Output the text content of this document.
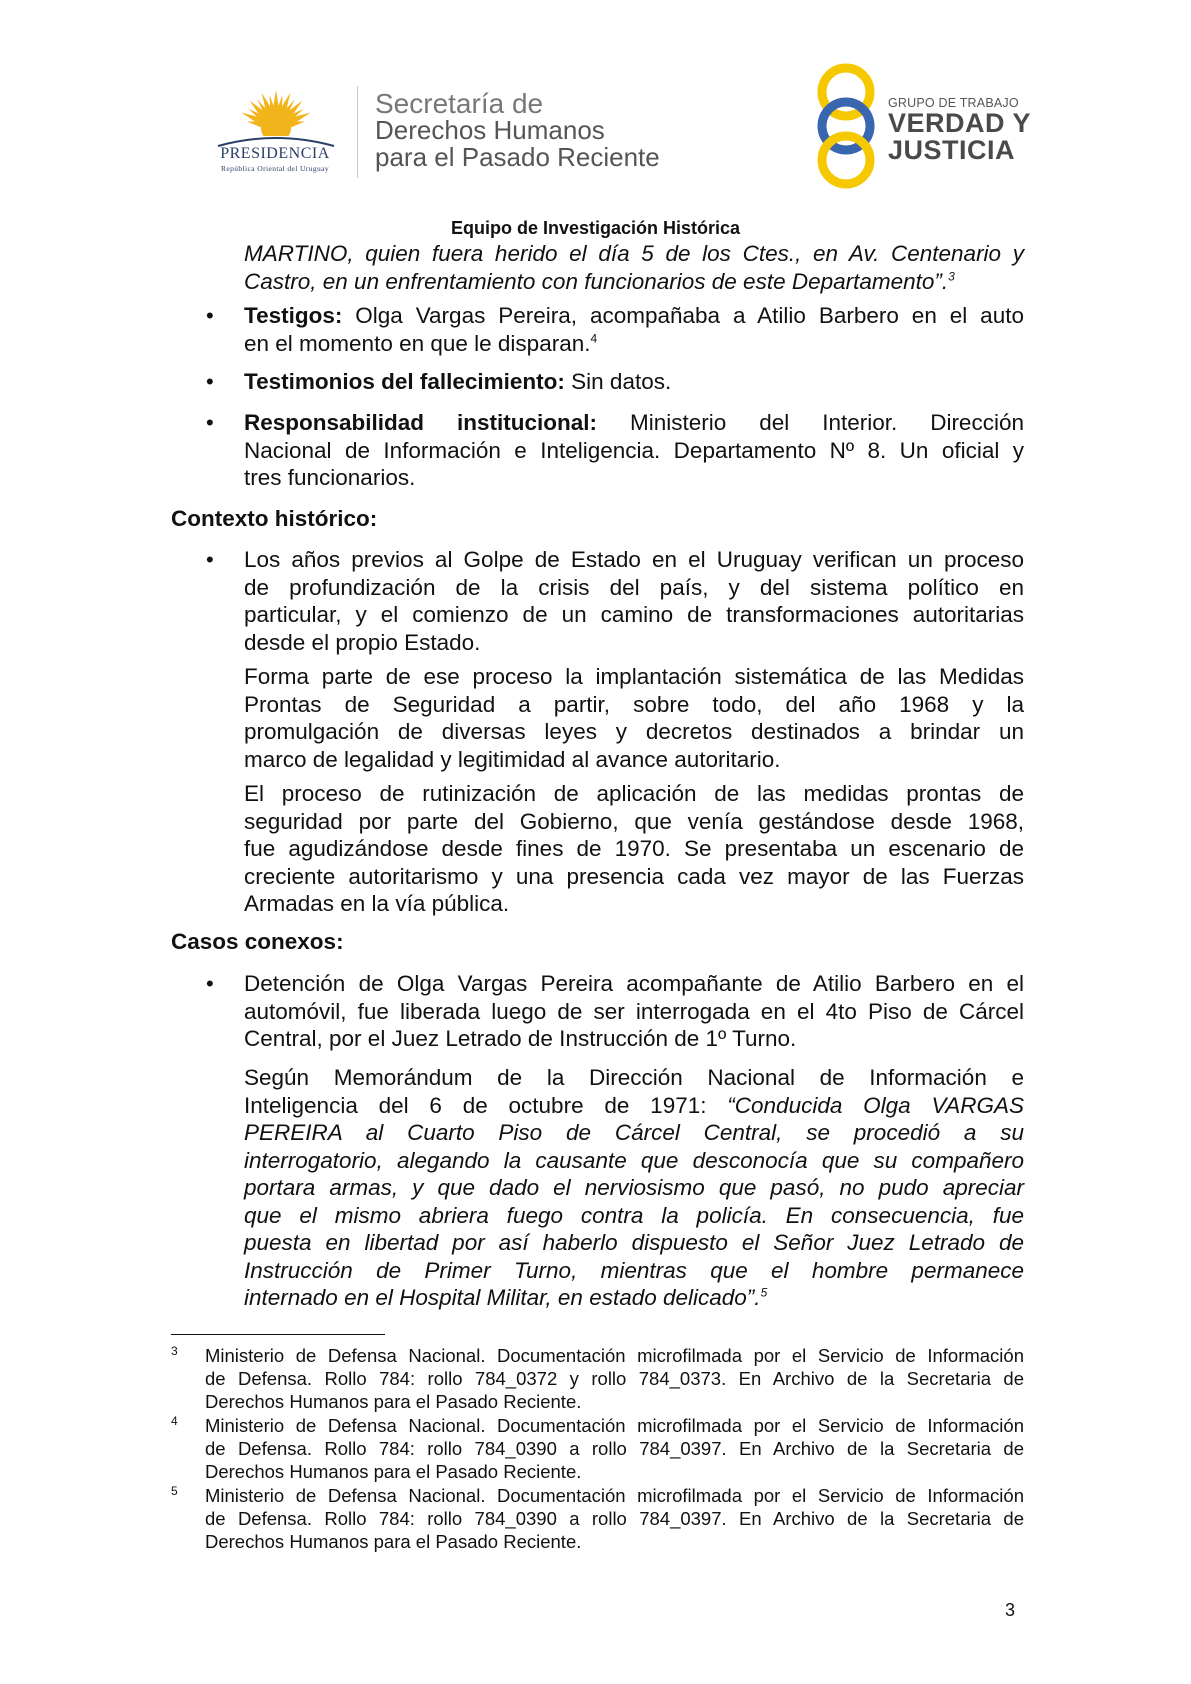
PRESIDENCIA
República Oriental del Uruguay
Secretaría de
Derechos Humanos
para el Pasado Reciente
GRUPO DE TRABAJO
VERDAD Y
JUSTICIA
Equipo de Investigación Histórica
MARTINO, quien fuera herido el día 5 de los Ctes., en Av. Centenario y
Castro, en un enfrentamiento con funcionarios de este Departamento”.$^3$
• Testigos: Olga Vargas Pereira, acompañaba a Atilio Barbero en el auto
en el momento en que le disparan.$^4$
• Testimonios del fallecimiento: Sin datos.
• Responsabilidad institucional: Ministerio del Interior. Dirección
Nacional de Información e Inteligencia. Departamento Nº 8. Un oficial y
tres funcionarios.
Contexto histórico:
• Los años previos al Golpe de Estado en el Uruguay verifican un proceso
de profundización de la crisis del país, y del sistema político en
particular, y el comienzo de un camino de transformaciones autoritarias
desde el propio Estado.
Forma parte de ese proceso la implantación sistemática de las Medidas
Prontas de Seguridad a partir, sobre todo, del año 1968 y la
promulgación de diversas leyes y decretos destinados a brindar un
marco de legalidad y legitimidad al avance autoritario.
El proceso de rutinización de aplicación de las medidas prontas de
seguridad por parte del Gobierno, que venía gestándose desde 1968,
fue agudizándose desde fines de 1970. Se presentaba un escenario de
creciente autoritarismo y una presencia cada vez mayor de las Fuerzas
Armadas en la vía pública.
Casos conexos:
• Detención de Olga Vargas Pereira acompañante de Atilio Barbero en el
automóvil, fue liberada luego de ser interrogada en el 4to Piso de Cárcel
Central, por el Juez Letrado de Instrucción de 1º Turno.
Según Memorándum de la Dirección Nacional de Información e
Inteligencia del 6 de octubre de 1971: “Conducida Olga VARGAS
PEREIRA al Cuarto Piso de Cárcel Central, se procedió a su
interrogatorio, alegando la causante que desconocía que su compañero
portara armas, y que dado el nerviosismo que pasó, no pudo apreciar
que el mismo abriera fuego contra la policía. En consecuencia, fue
puesta en libertad por así haberlo dispuesto el Señor Juez Letrado de
Instrucción de Primer Turno, mientras que el hombre permanece
internado en el Hospital Militar, en estado delicado”.$^5$
3 Ministerio de Defensa Nacional. Documentación microfilmada por el Servicio de Información
de Defensa. Rollo 784: rollo 784_0372 y rollo 784_0373. En Archivo de la Secretaria de
Derechos Humanos para el Pasado Reciente.
4 Ministerio de Defensa Nacional. Documentación microfilmada por el Servicio de Información
de Defensa. Rollo 784: rollo 784_0390 a rollo 784_0397. En Archivo de la Secretaria de
Derechos Humanos para el Pasado Reciente.
5 Ministerio de Defensa Nacional. Documentación microfilmada por el Servicio de Información
de Defensa. Rollo 784: rollo 784_0390 a rollo 784_0397. En Archivo de la Secretaria de
Derechos Humanos para el Pasado Reciente.
3
